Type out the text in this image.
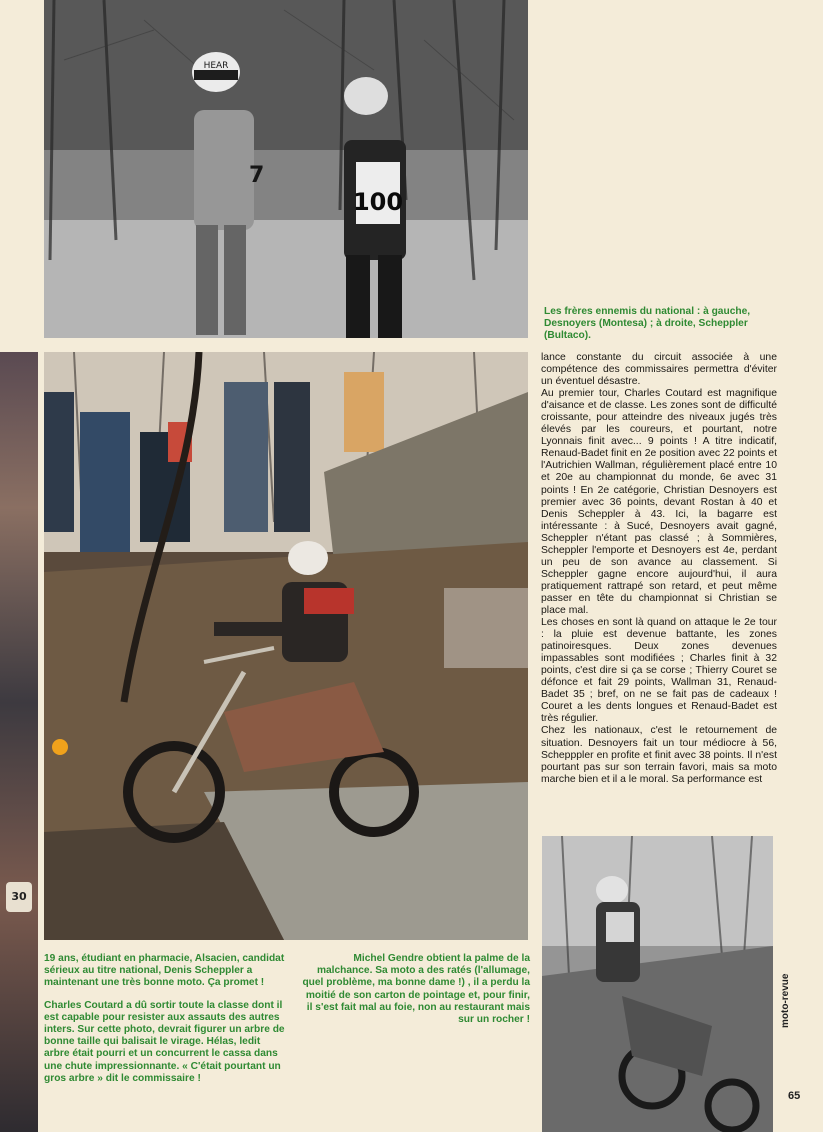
30
HEAR
7
100
Les frères ennemis du national : à gauche, Desnoyers (Montesa) ; à droite, Scheppler (Bultaco).

19 ans, étudiant en pharmacie, Alsacien, candidat sérieux au titre national, Denis Scheppler a maintenant une très bonne moto. Ça promet !

Charles Coutard a dû sortir toute la classe dont il est capable pour resister aux assauts des autres inters. Sur cette photo, devrait figurer un arbre de bonne taille qui balisait le virage. Hélas, ledit arbre était pourri et un concurrent le cassa dans une chute impressionnante. « C'était pourtant un gros arbre » dit le commissaire !

Michel Gendre obtient la palme de la malchance. Sa moto a des ratés (l'allumage, quel problème, ma bonne dame !) , il a perdu la moitié de son carton de pointage et, pour finir, il s'est fait mal au foie, non au restaurant mais sur un rocher !

lance constante du circuit associée à une compétence des commissaires permettra d'éviter un éventuel désastre.

Au premier tour, Charles Coutard est magnifique d'aisance et de classe. Les zones sont de difficulté croissante, pour atteindre des niveaux jugés très élevés par les coureurs, et pourtant, notre Lyonnais finit avec... 9 points ! A titre indicatif, Renaud-Badet finit en 2e position avec 22 points et l'Autrichien Wallman, régulièrement placé entre 10 et 20e au championnat du monde, 6e avec 31 points ! En 2e catégorie, Christian Desnoyers est premier avec 36 points, devant Rostan à 40 et Denis Scheppler à 43. Ici, la bagarre est intéressante : à Sucé, Desnoyers avait gagné, Scheppler n'étant pas classé ; à Sommières, Scheppler l'emporte et Desnoyers est 4e, perdant un peu de son avance au classement. Si Scheppler gagne encore aujourd'hui, il aura pratiquement rattrapé son retard, et peut même passer en tête du championnat si Christian se place mal.

Les choses en sont là quand on attaque le 2e tour : la pluie est devenue battante, les zones patinoiresques. Deux zones devenues impassables sont modifiées ; Charles finit à 32 points, c'est dire si ça se corse ; Thierry Couret se défonce et fait 29 points, Wallman 31, Renaud-Badet 35 ; bref, on ne se fait pas de cadeaux ! Couret a les dents longues et Renaud-Badet est très régulier.

Chez les nationaux, c'est le retournement de situation. Desnoyers fait un tour médiocre à 56, Schepppler en profite et finit avec 38 points. Il n'est pourtant pas sur son terrain favori, mais sa moto marche bien et il a le moral. Sa performance est

moto-revue
65
